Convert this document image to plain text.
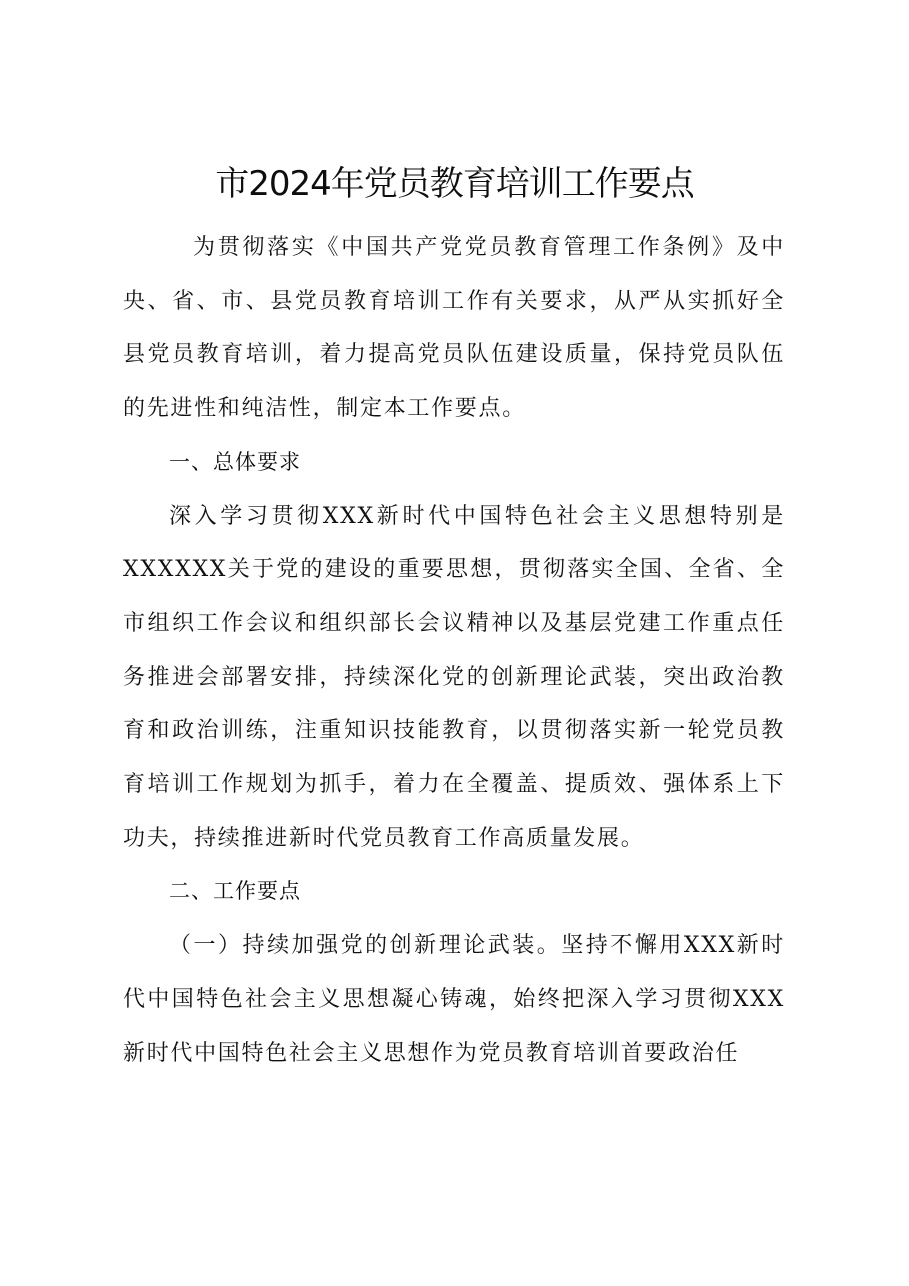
市2024年党员教育培训工作要点

为贯彻落实《中国共产党党员教育管理工作条例》及中央、省、市、县党员教育培训工作有关要求，从严从实抓好全县党员教育培训，着力提高党员队伍建设质量，保持党员队伍的先进性和纯洁性，制定本工作要点。

一、总体要求

深入学习贯彻XXX新时代中国特色社会主义思想特别是XXXXXX关于党的建设的重要思想，贯彻落实全国、全省、全市组织工作会议和组织部长会议精神以及基层党建工作重点任务推进会部署安排，持续深化党的创新理论武装，突出政治教育和政治训练，注重知识技能教育，以贯彻落实新一轮党员教育培训工作规划为抓手，着力在全覆盖、提质效、强体系上下功夫，持续推进新时代党员教育工作高质量发展。

二、工作要点

（一）持续加强党的创新理论武装。坚持不懈用XXX新时代中国特色社会主义思想凝心铸魂，始终把深入学习贯彻XXX新时代中国特色社会主义思想作为党员教育培训首要政治任
